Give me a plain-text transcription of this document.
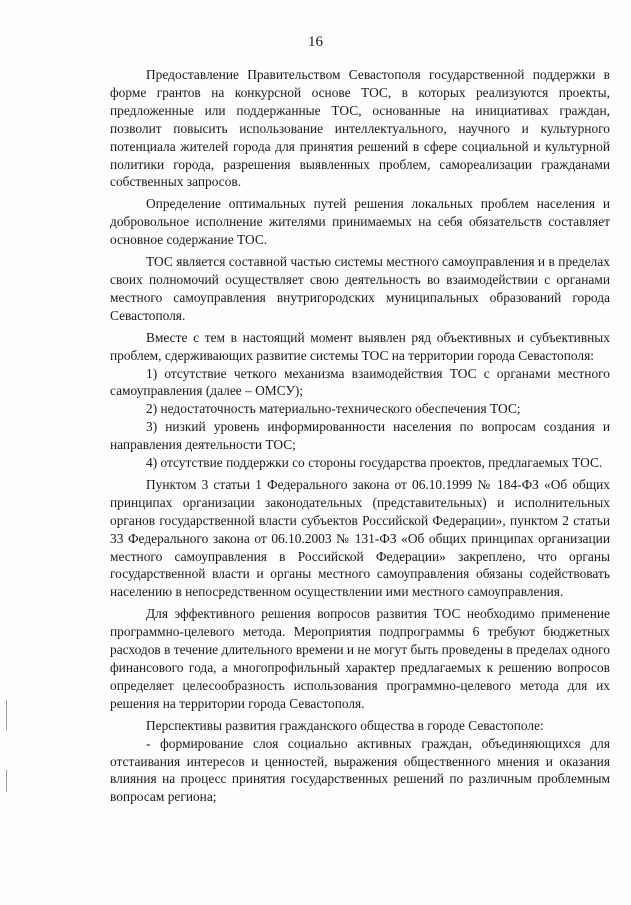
16

Предоставление Правительством Севастополя государственной поддержки в форме грантов на конкурсной основе ТОС, в которых реализуются проекты, предложенные или поддержанные ТОС, основанные на инициативах граждан, позволит повысить использование интеллектуального, научного и культурного потенциала жителей города для принятия решений в сфере социальной и культурной политики города, разрешения выявленных проблем, самореализации гражданами собственных запросов.

Определение оптимальных путей решения локальных проблем населения и добровольное исполнение жителями принимаемых на себя обязательств составляет основное содержание ТОС.

ТОС является составной частью системы местного самоуправления и в пределах своих полномочий осуществляет свою деятельность во взаимодействии с органами местного самоуправления внутригородских муниципальных образований города Севастополя.

Вместе с тем в настоящий момент выявлен ряд объективных и субъективных проблем, сдерживающих развитие системы ТОС на территории города Севастополя:

1) отсутствие четкого механизма взаимодействия ТОС с органами местного самоуправления (далее – ОМСУ);

2) недостаточность материально-технического обеспечения ТОС;

3) низкий уровень информированности населения по вопросам создания и направления деятельности ТОС;

4) отсутствие поддержки со стороны государства проектов, предлагаемых ТОС.

Пунктом 3 статьи 1 Федерального закона от 06.10.1999 № 184-ФЗ «Об общих принципах организации законодательных (представительных) и исполнительных органов государственной власти субъектов Российской Федерации», пунктом 2 статьи 33 Федерального закона от 06.10.2003 № 131-ФЗ «Об общих принципах организации местного самоуправления в Российской Федерации» закреплено, что органы государственной власти и органы местного самоуправления обязаны содействовать населению в непосредственном осуществлении ими местного самоуправления.

Для эффективного решения вопросов развития ТОС необходимо применение программно-целевого метода. Мероприятия подпрограммы 6 требуют бюджетных расходов в течение длительного времени и не могут быть проведены в пределах одного финансового года, а многопрофильный характер предлагаемых к решению вопросов определяет целесообразность использования программно-целевого метода для их решения на территории города Севастополя.

Перспективы развития гражданского общества в городе Севастополе:

- формирование слоя социально активных граждан, объединяющихся для отстаивания интересов и ценностей, выражения общественного мнения и оказания влияния на процесс принятия государственных решений по различным проблемным вопросам региона;
